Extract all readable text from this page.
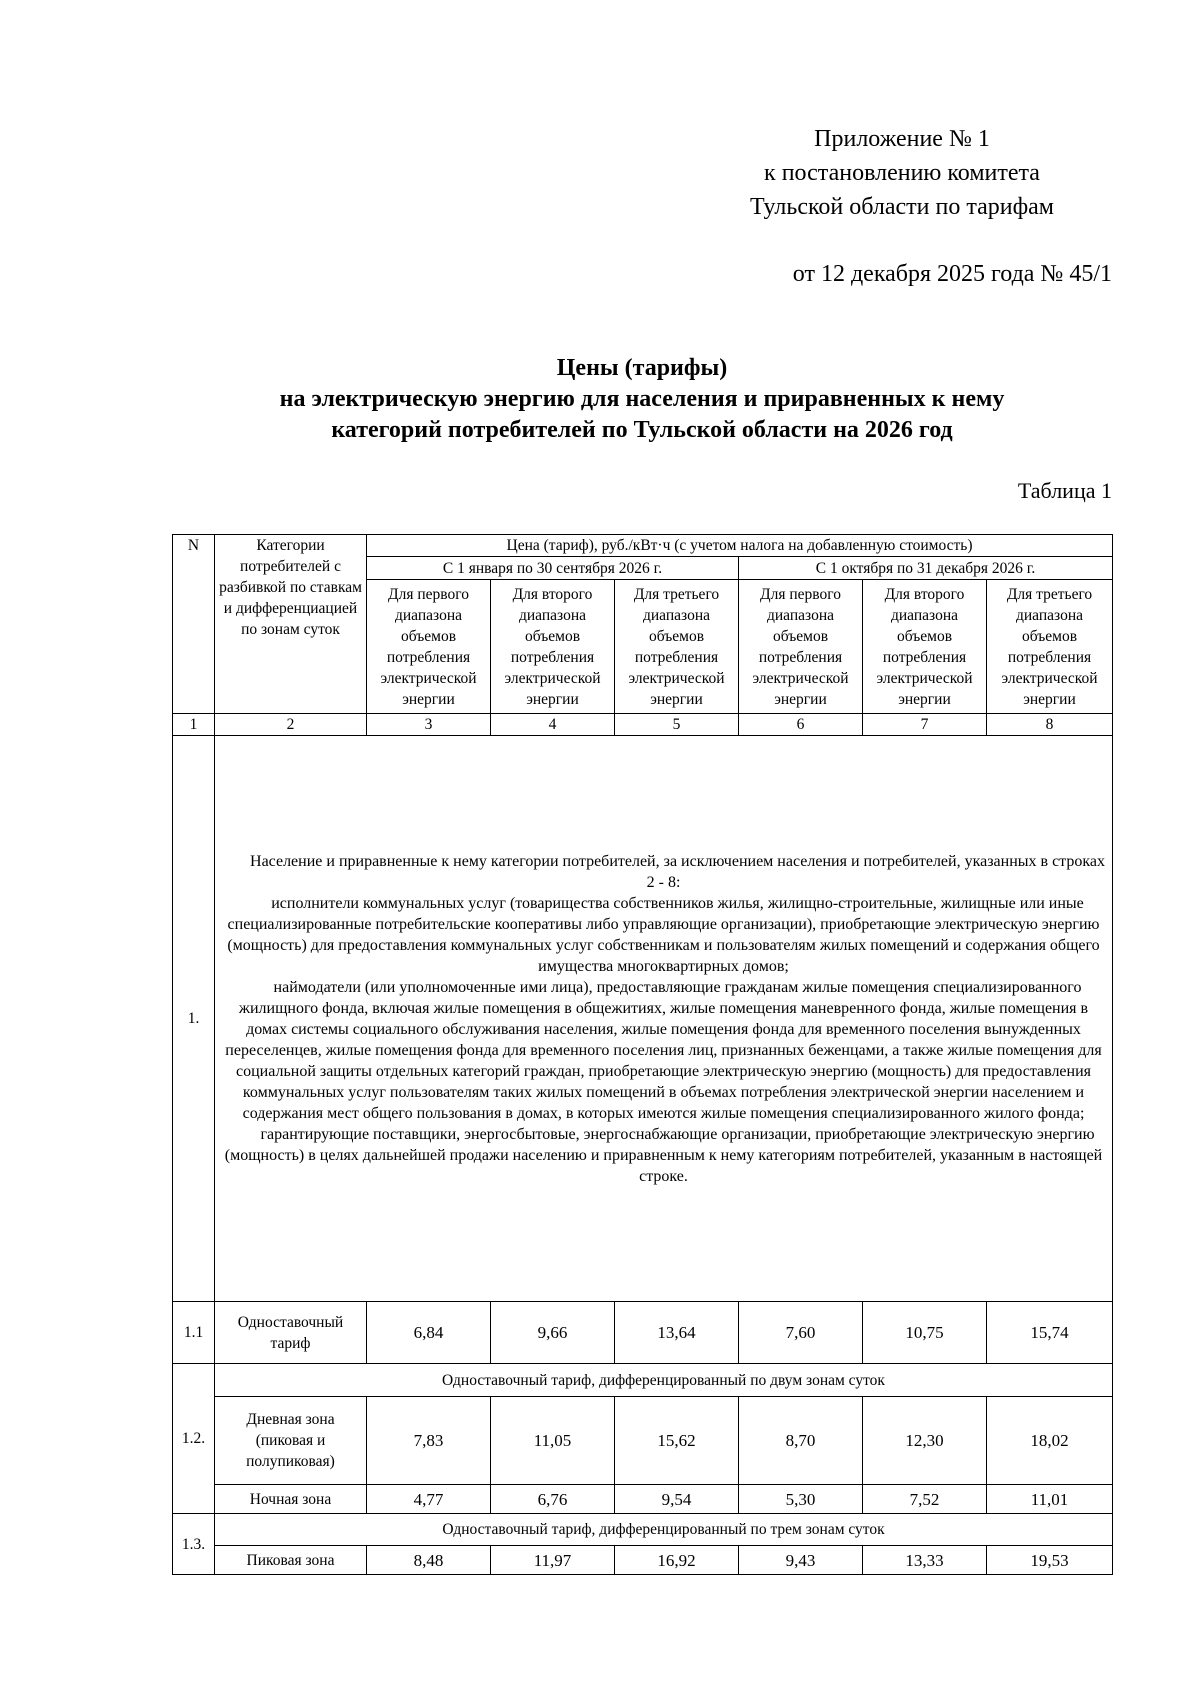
Приложение № 1
к постановлению комитета
Тульской области по тарифам
от 12 декабря 2025 года № 45/1
Цены (тарифы)
на электрическую энергию для населения и приравненных к нему
категорий потребителей по Тульской области на 2026 год
Таблица 1
N	Категории потребителей с разбивкой по ставкам и дифференциацией по зонам суток	Цена (тариф), руб./кВт·ч (с учетом налога на добавленную стоимость)					
		С 1 января по 30 сентября 2026 г.			С 1 октября по 31 декабря 2026 г.		
		Для первого диапазона объемов потребления электрической энергии	Для второго диапазона объемов потребления электрической энергии	Для третьего диапазона объемов потребления электрической энергии	Для первого диапазона объемов потребления электрической энергии	Для второго диапазона объемов потребления электрической энергии	Для третьего диапазона объемов потребления электрической энергии
1	2	3	4	5	6	7	8
1.	Население и приравненные к нему категории потребителей, за исключением населения и потребителей, указанных в строках 2 - 8:

исполнители коммунальных услуг (товарищества собственников жилья, жилищно-строительные, жилищные или иные специализированные потребительские кооперативы либо управляющие организации), приобретающие электрическую энергию (мощность) для предоставления коммунальных услуг собственникам и пользователям жилых помещений и содержания общего имущества многоквартирных домов;

наймодатели (или уполномоченные ими лица), предоставляющие гражданам жилые помещения специализированного жилищного фонда, включая жилые помещения в общежитиях, жилые помещения маневренного фонда, жилые помещения в домах системы социального обслуживания населения, жилые помещения фонда для временного поселения вынужденных переселенцев, жилые помещения фонда для временного поселения лиц, признанных беженцами, а также жилые помещения для социальной защиты отдельных категорий граждан, приобретающие электрическую энергию (мощность) для предоставления коммунальных услуг пользователям таких жилых помещений в объемах потребления электрической энергии населением и содержания мест общего пользования в домах, в которых имеются жилые помещения специализированного жилого фонда;

гарантирующие поставщики, энергосбытовые, энергоснабжающие организации, приобретающие электрическую энергию (мощность) в целях дальнейшей продажи населению и приравненным к нему категориям потребителей, указанным в настоящей строке.						

1.1	Одноставочный тариф	6,84	9,66	13,64	7,60	10,75	15,74
1.2.	Одноставочный тариф, дифференцированный по двум зонам суток						
	Дневная зона (пиковая и полупиковая)	7,83	11,05	15,62	8,70	12,30	18,02
	Ночная зона	4,77	6,76	9,54	5,30	7,52	11,01
1.3.	Одноставочный тариф, дифференцированный по трем зонам суток						
	Пиковая зона	8,48	11,97	16,92	9,43	13,33	19,53
